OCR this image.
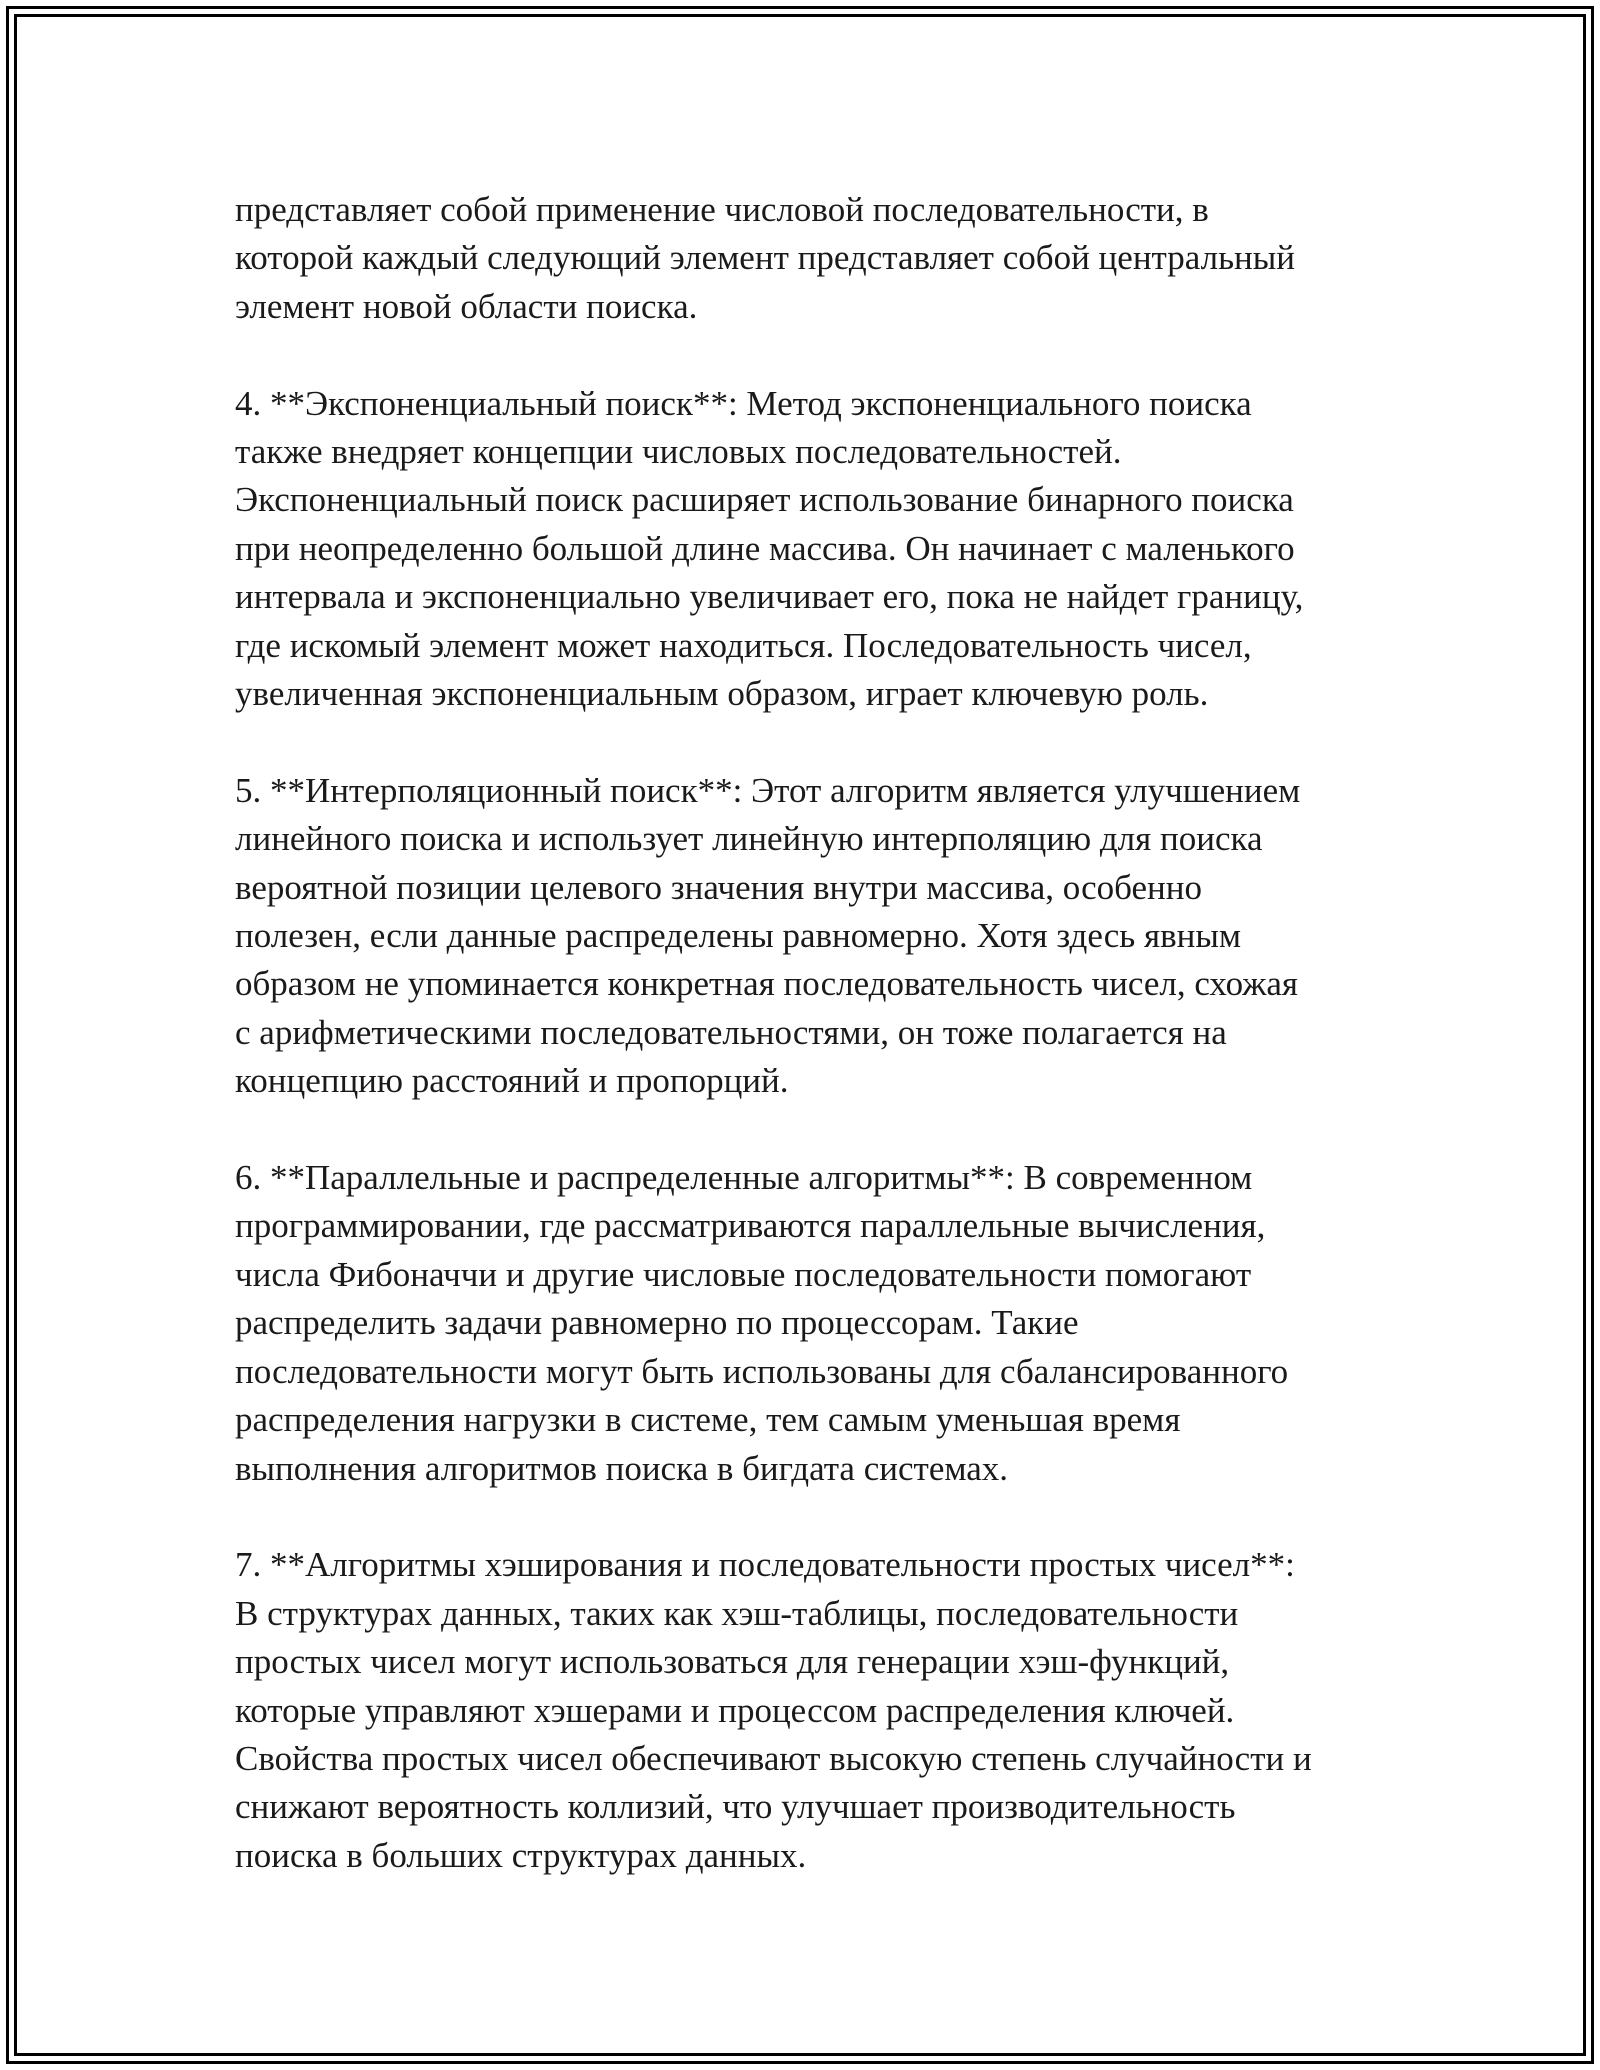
представляет собой применение числовой последовательности, в
которой каждый следующий элемент представляет собой центральный
элемент новой области поиска.
4. **Экспоненциальный поиск**: Метод экспоненциального поиска
также внедряет концепции числовых последовательностей.
Экспоненциальный поиск расширяет использование бинарного поиска
при неопределенно большой длине массива. Он начинает с маленького
интервала и экспоненциально увеличивает его, пока не найдет границу,
где искомый элемент может находиться. Последовательность чисел,
увеличенная экспоненциальным образом, играет ключевую роль.
5. **Интерполяционный поиск**: Этот алгоритм является улучшением
линейного поиска и использует линейную интерполяцию для поиска
вероятной позиции целевого значения внутри массива, особенно
полезен, если данные распределены равномерно. Хотя здесь явным
образом не упоминается конкретная последовательность чисел, схожая
с арифметическими последовательностями, он тоже полагается на
концепцию расстояний и пропорций.
6. **Параллельные и распределенные алгоритмы**: В современном
программировании, где рассматриваются параллельные вычисления,
числа Фибоначчи и другие числовые последовательности помогают
распределить задачи равномерно по процессорам. Такие
последовательности могут быть использованы для сбалансированного
распределения нагрузки в системе, тем самым уменьшая время
выполнения алгоритмов поиска в бигдата системах.
7. **Алгоритмы хэширования и последовательности простых чисел**:
В структурах данных, таких как хэш-таблицы, последовательности
простых чисел могут использоваться для генерации хэш-функций,
которые управляют хэшерами и процессом распределения ключей.
Свойства простых чисел обеспечивают высокую степень случайности и
снижают вероятность коллизий, что улучшает производительность
поиска в больших структурах данных.
